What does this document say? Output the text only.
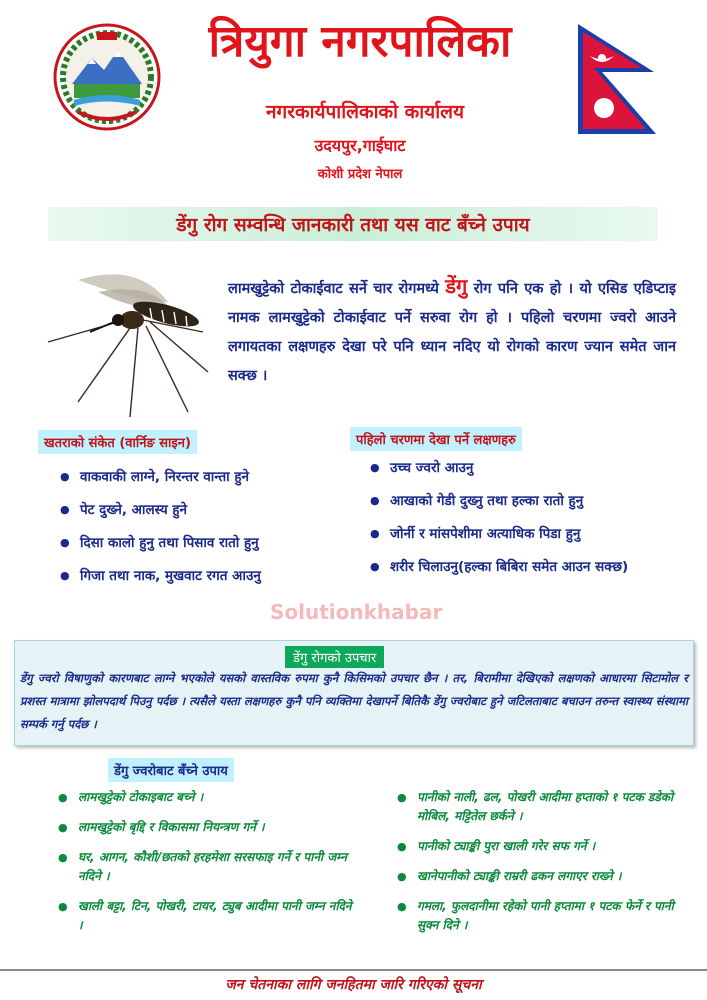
त्रियुगा नगरपालिका
नगरकार्यपालिकाको कार्यालय
उदयपुर,गाईघाट
कोशी प्रदेश नेपाल
डेंगु रोग सम्वन्धि जानकारी तथा यस वाट बँच्ने उपाय
लामखुट्टेको टोकाईवाट सर्ने चार रोगमध्ये डेंगु रोग पनि एक हो । यो एसिड एडिप्टाइ नामक लामखुट्टेको टोकाईवाट पर्ने सरुवा रोग हो । पहिलो चरणमा ज्वरो आउने लगायतका लक्षणहरु देखा परे पनि ध्यान नदिए यो रोगको कारण ज्यान समेत जान सक्छ ।
खतराको संकेत (वार्निङ साइन)
● वाकवाकी लाग्ने, निरन्तर वान्ता हुने
● पेट दुख्ने, आलस्य हुने
● दिसा कालो हुनु तथा पिसाव रातो हुनु
● गिजा तथा नाक, मुखवाट रगत आउनु
पहिलो चरणमा देखा पर्ने लक्षणहरु
● उच्च ज्वरो आउनु
● आखाको गेडी दुख्नु तथा हल्का रातो हुनु
● जोर्नी र मांसपेशीमा अत्याधिक पिडा हुनु
● शरीर चिलाउनु(हल्का बिबिरा समेत आउन सक्छ)
Solutionkhabar
डेंगु रोगको उपचार
डेंगु ज्वरो विषाणुको कारणबाट लाग्ने भएकोले यसको वास्तविक रुपमा कुनै किसिमको उपचार छैन । तर, बिरामीमा देखिएको लक्षणको आधारमा सिटामोल र प्रशस्त मात्रामा झोलपदार्थ पिउनु पर्दछ । त्यसैले यस्ता लक्षणहरु कुनै पनि व्यक्तिमा देखापर्ने बितिकै डेंगु ज्वरोबाट हुने जटिलताबाट बचाउन तरुन्त स्वास्थ्य संस्थामा सम्पर्क गर्नु पर्दछ ।
डेंगु ज्वरोबाट बँच्ने उपाय
● लामखुट्टेको टोकाइबाट बच्ने ।
● लामखुट्टेको बृद्दि र विकासमा नियन्त्रण गर्ने ।
● घर, आगन, कौशी/छतको हरहमेशा सरसफाइ गर्ने र पानी जम्न नदिने ।
● खाली बट्टा, टिन, पोखरी, टायर, ट्युब आदीमा पानी जम्न नदिने ।
● पानीको नाली, ढल, पोखरी आदीमा हप्ताको १ पटक डडेको मोबिल, मट्टितेल छर्कने ।
● पानीको ट्याङ्की पुरा खाली गरेर सफ गर्ने ।
● खानेपानीको ट्याङ्की राम्ररी ढकन लगाएर राख्ने ।
● गमला, फुलदानीमा रहेको पानी हप्तामा १ पटक फेर्ने र पानी सुक्न दिने ।
जन चेतनाका लागि जनहितमा जारि गरिएको सूचना
